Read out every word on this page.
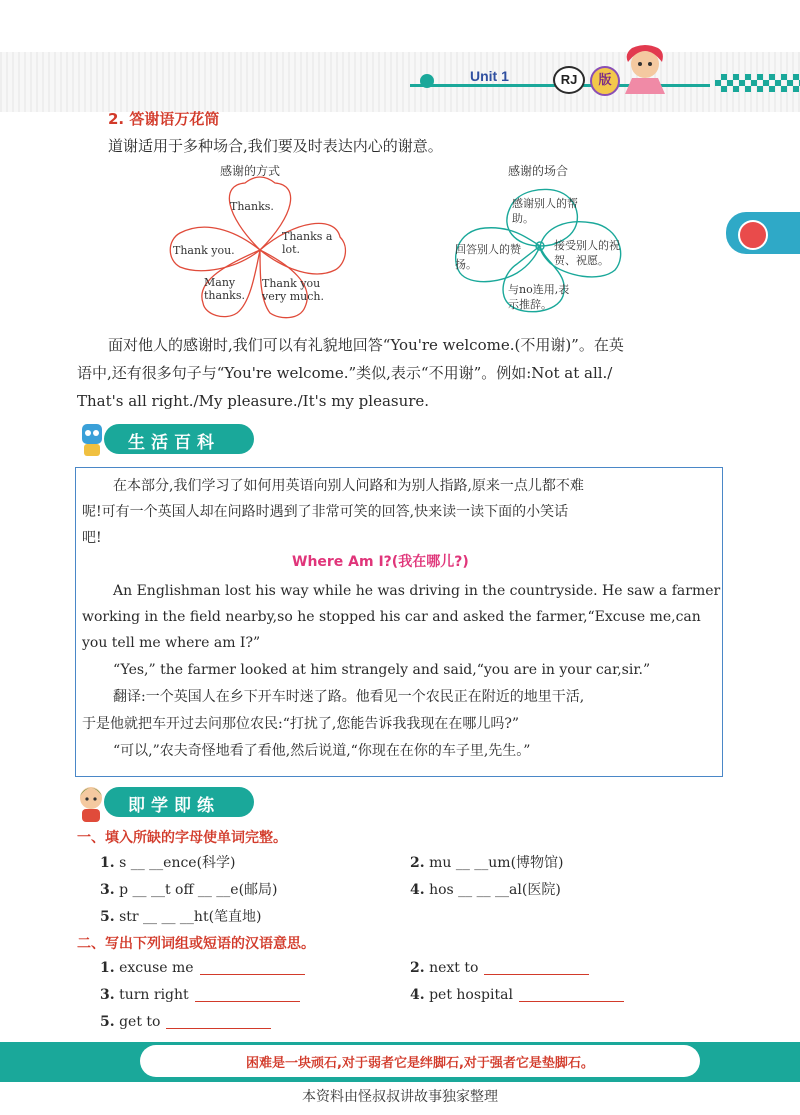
Unit 1	RJ	版
2. 答谢语万花筒
道谢适用于多种场合,我们要及时表达内心的谢意。
感谢的方式
Thanks.
Thanks a lot.
Thank you very much.
Many thanks.
Thank you.
感谢的场合
感谢别人的帮助。
接受别人的祝贺、祝愿。
与no连用,表示推辞。
回答别人的赞扬。
面对他人的感谢时,我们可以有礼貌地回答“You're welcome.(不用谢)”。在英
语中,还有很多句子与“You're welcome.”类似,表示“不用谢”。例如:Not at all./
That's all right./My pleasure./It's my pleasure.
生活百科
在本部分,我们学习了如何用英语向别人问路和为别人指路,原来一点儿都不难
呢!可有一个英国人却在问路时遇到了非常可笑的回答,快来读一读下面的小笑话
吧!
Where Am I?(我在哪儿?)
An Englishman lost his way while he was driving in the countryside. He saw a farmer
working in the field nearby,so he stopped his car and asked the farmer,“Excuse me,can
you tell me where am I?”
“Yes,” the farmer looked at him strangely and said,“you are in your car,sir.”
翻译:一个英国人在乡下开车时迷了路。他看见一个农民正在附近的地里干活,
于是他就把车开过去问那位农民:“打扰了,您能告诉我我现在在哪儿吗?”
“可以,”农夫奇怪地看了看他,然后说道,“你现在在你的车子里,先生。”
即学即练
一、填入所缺的字母使单词完整。
1. s __ __ence(科学)	2. mu __ __um(博物馆)
3. p __ __t off __ __e(邮局)	4. hos __ __ __al(医院)
5. str __ __ __ht(笔直地)
二、写出下列词组或短语的汉语意思。
1. excuse me	2. next to
3. turn right	4. pet hospital
5. get to
困难是一块顽石,对于弱者它是绊脚石,对于强者它是垫脚石。	9
本资料由怪叔叔讲故事独家整理
